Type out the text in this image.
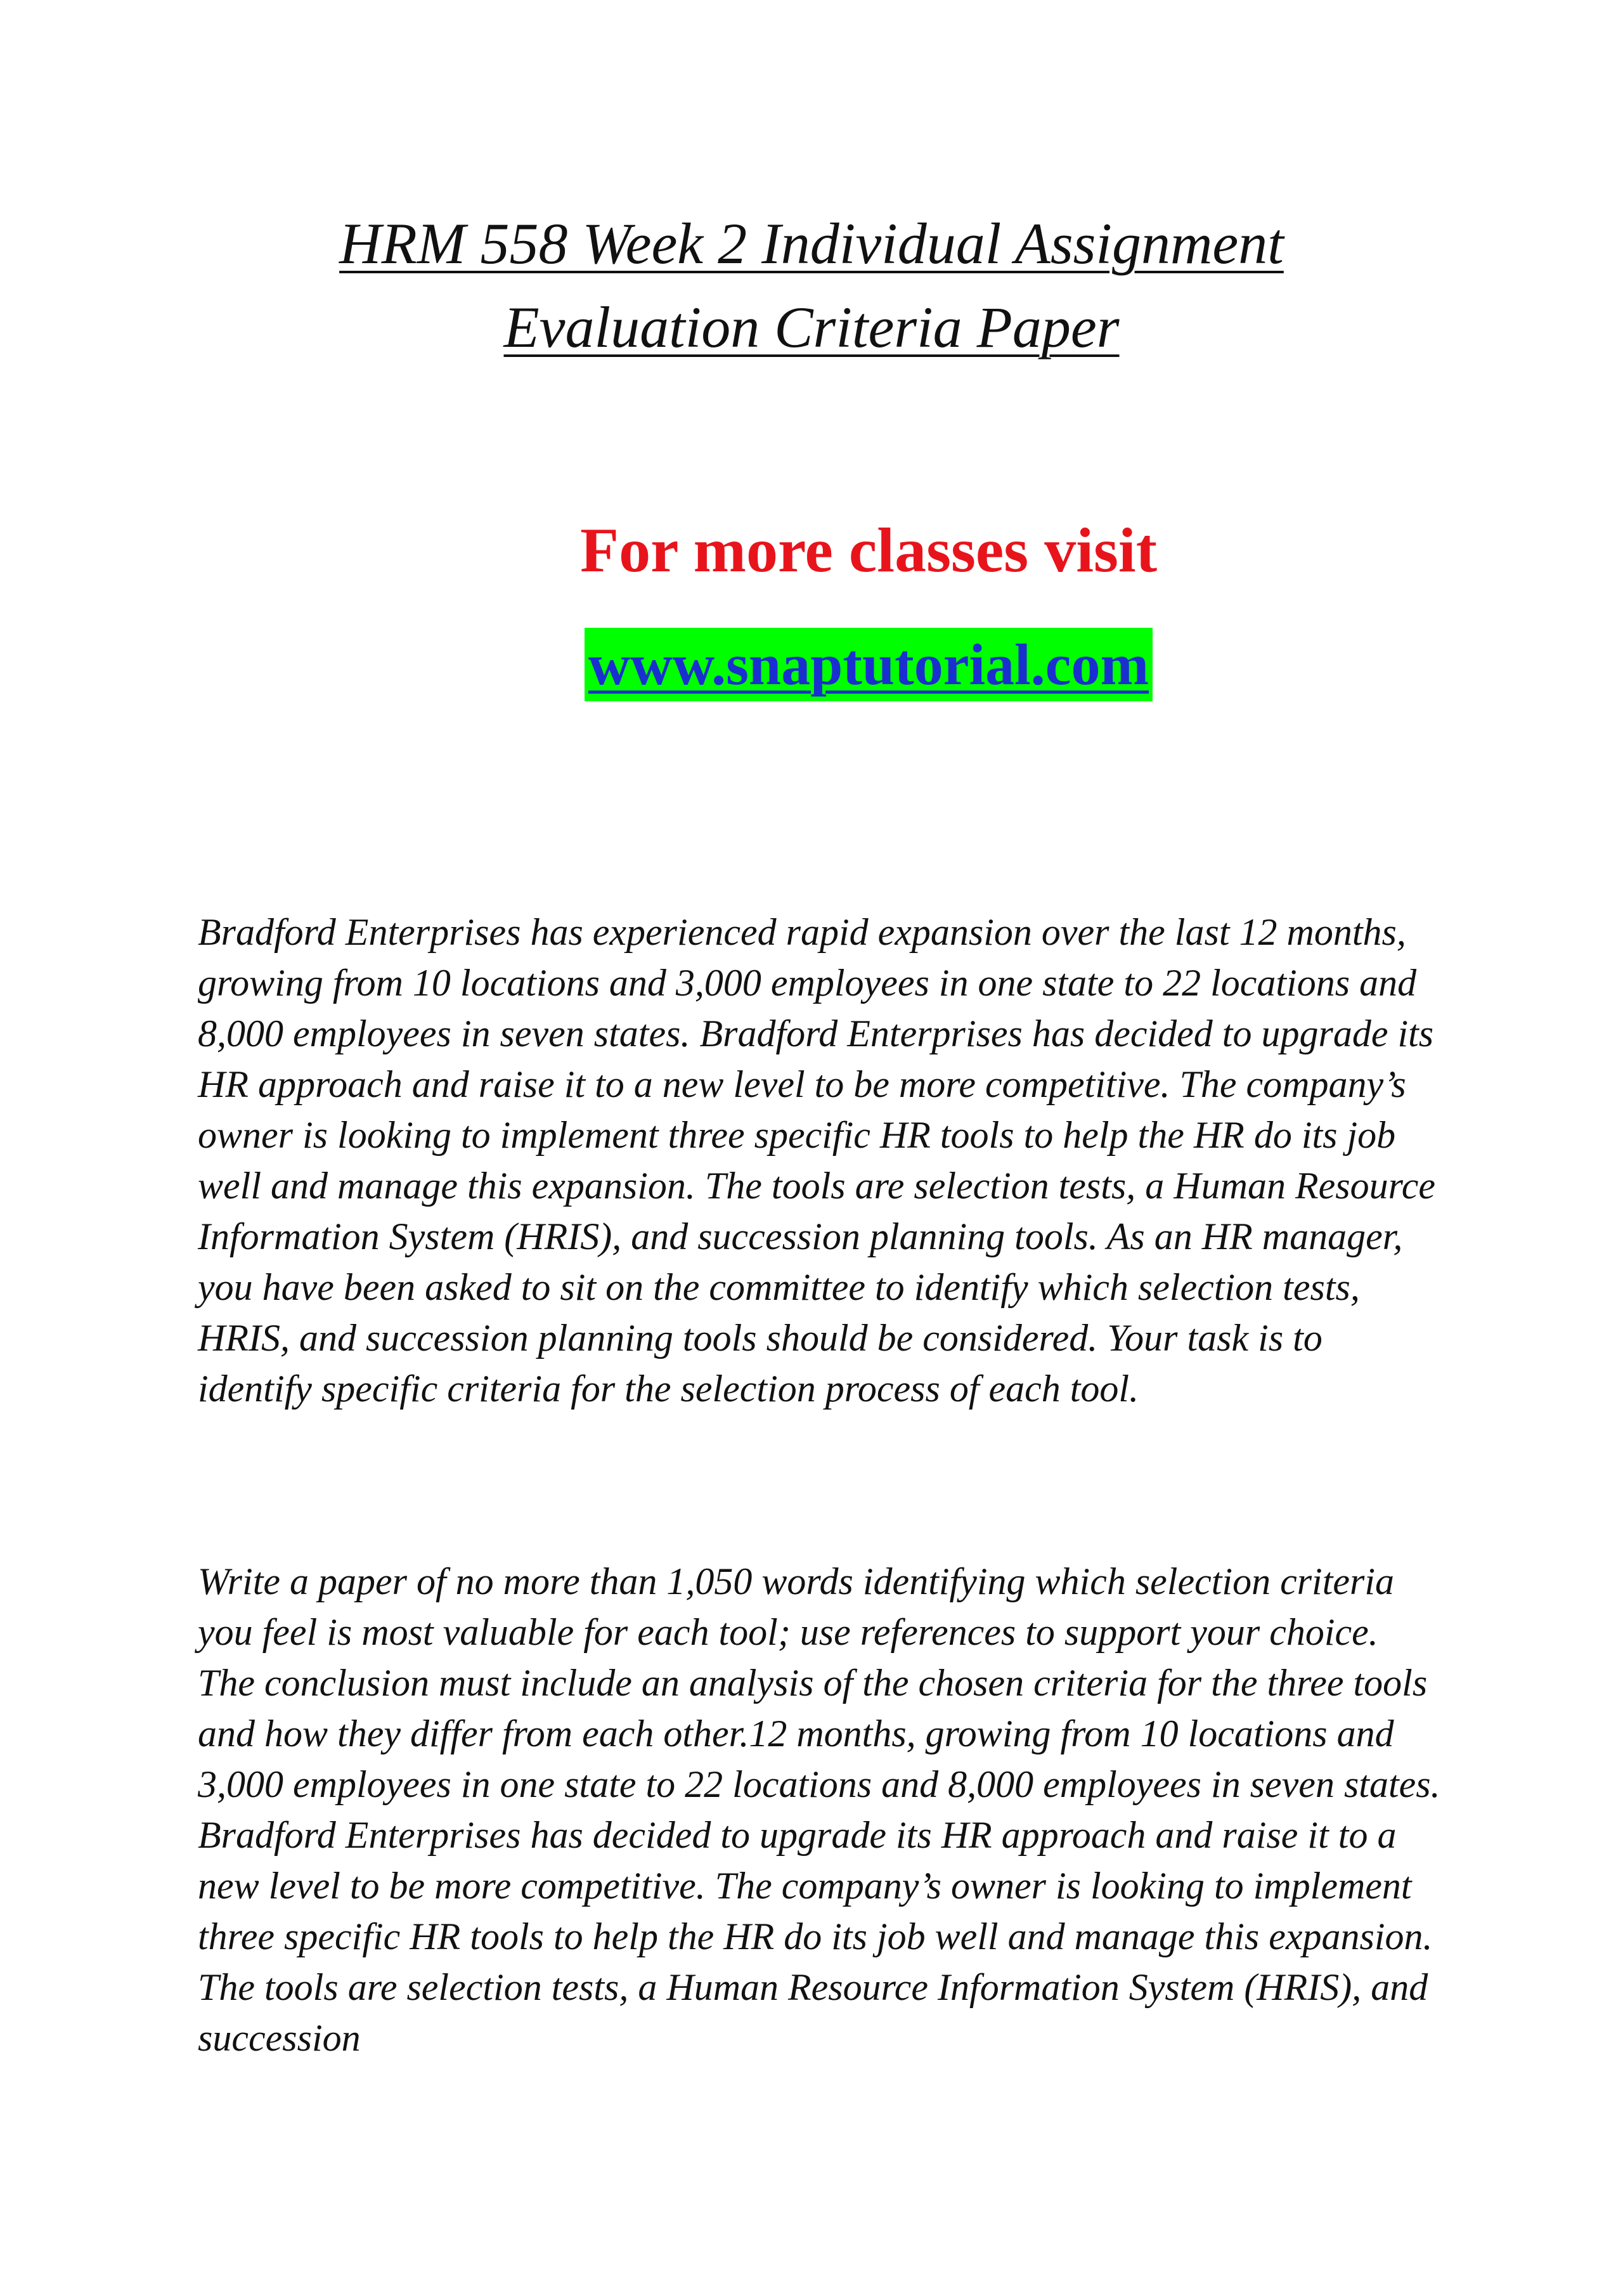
HRM 558 Week 2 Individual Assignment
Evaluation Criteria Paper

For more classes visit

www.snaptutorial.com

Bradford Enterprises has experienced rapid expansion over the last 12 months, growing from 10 locations and 3,000 employees in one state to 22 locations and 8,000 employees in seven states. Bradford Enterprises has decided to upgrade its HR approach and raise it to a new level to be more competitive. The company’s owner is looking to implement three specific HR tools to help the HR do its job well and manage this expansion. The tools are selection tests, a Human Resource Information System (HRIS), and succession planning tools. As an HR manager, you have been asked to sit on the committee to identify which selection tests, HRIS, and succession planning tools should be considered. Your task is to identify specific criteria for the selection process of each tool.

Write a paper of no more than 1,050 words identifying which selection criteria you feel is most valuable for each tool; use references to support your choice. The conclusion must include an analysis of the chosen criteria for the three tools and how they differ from each other.12 months, growing from 10 locations and 3,000 employees in one state to 22 locations and 8,000 employees in seven states. Bradford Enterprises has decided to upgrade its HR approach and raise it to a new level to be more competitive. The company’s owner is looking to implement three specific HR tools to help the HR do its job well and manage this expansion. The tools are selection tests, a Human Resource Information System (HRIS), and succession
